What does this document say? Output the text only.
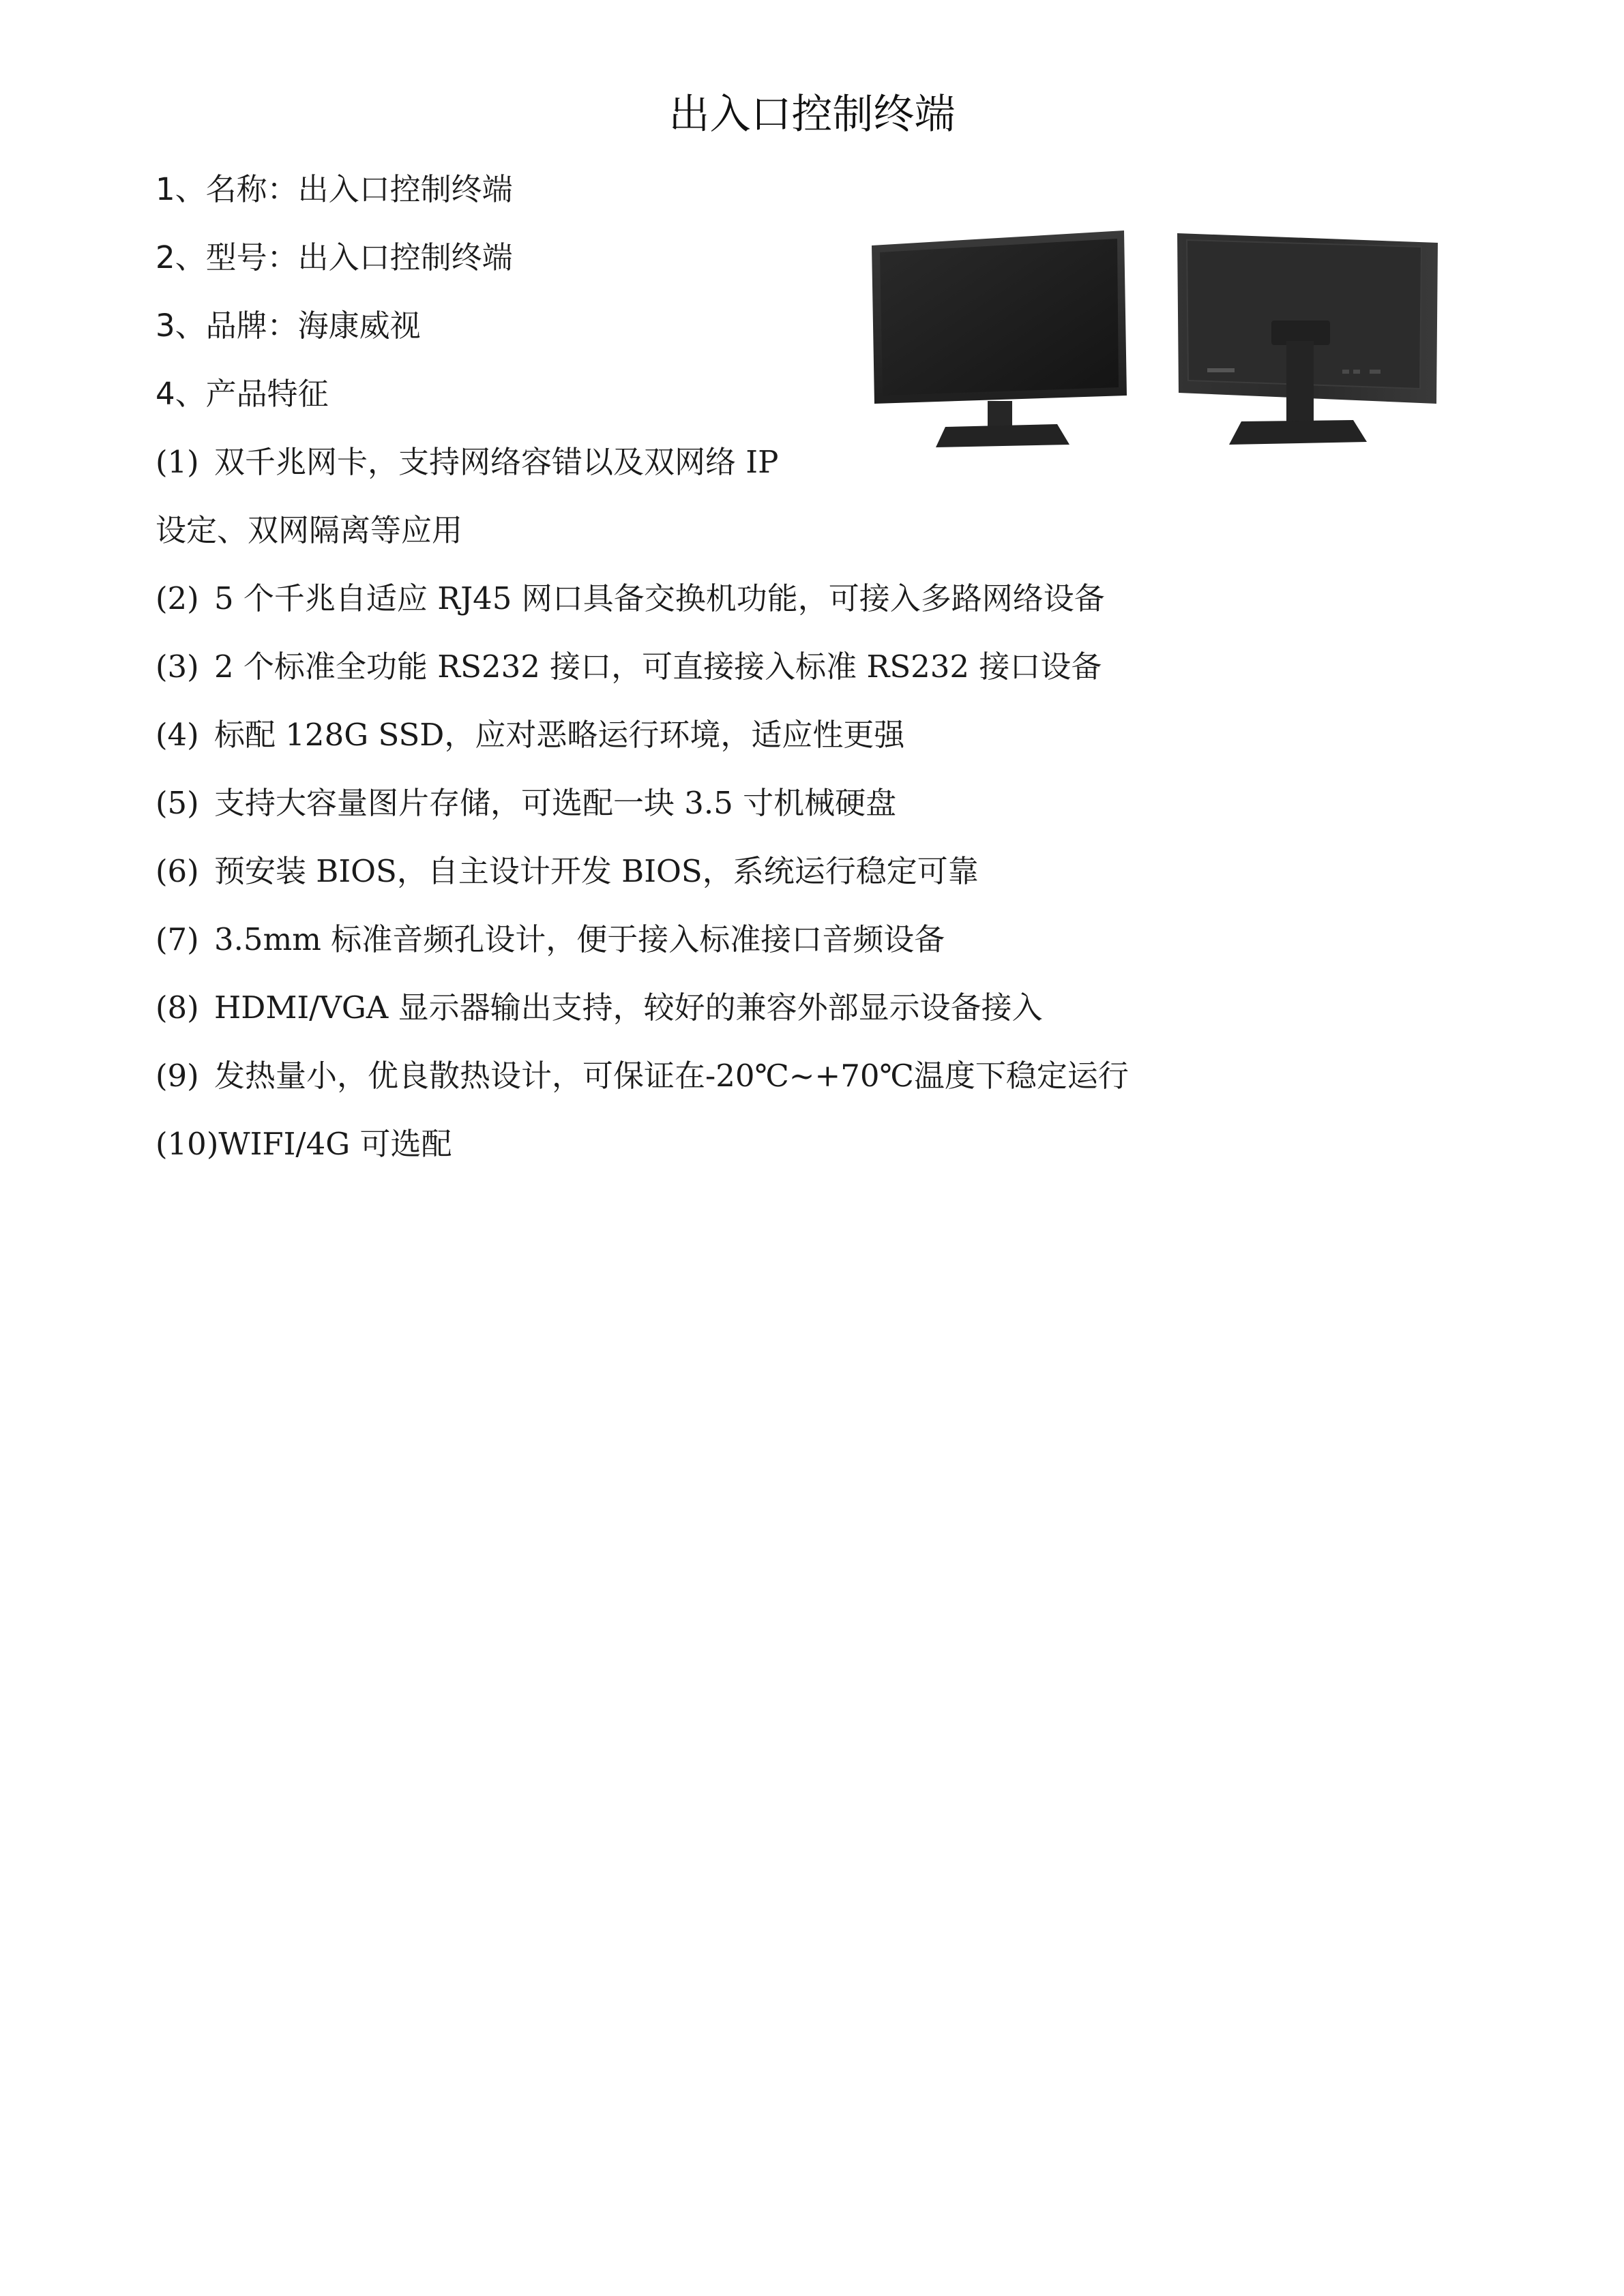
出入口控制终端
1、名称：出入口控制终端
2、型号：出入口控制终端
3、品牌：海康威视
4、产品特征
(1) 双千兆网卡，支持网络容错以及双网络 IP
设定、双网隔离等应用
(2) 5 个千兆自适应 RJ45 网口具备交换机功能，可接入多路网络设备
(3) 2 个标准全功能 RS232 接口，可直接接入标准 RS232 接口设备
(4) 标配 128G SSD，应对恶略运行环境，适应性更强
(5) 支持大容量图片存储，可选配一块 3.5 寸机械硬盘
(6) 预安装 BIOS，自主设计开发 BIOS，系统运行稳定可靠
(7) 3.5mm 标准音频孔设计，便于接入标准接口音频设备
(8) HDMI/VGA 显示器输出支持，较好的兼容外部显示设备接入
(9) 发热量小，优良散热设计，可保证在-20℃~+70℃温度下稳定运行
(10)WIFI/4G 可选配
